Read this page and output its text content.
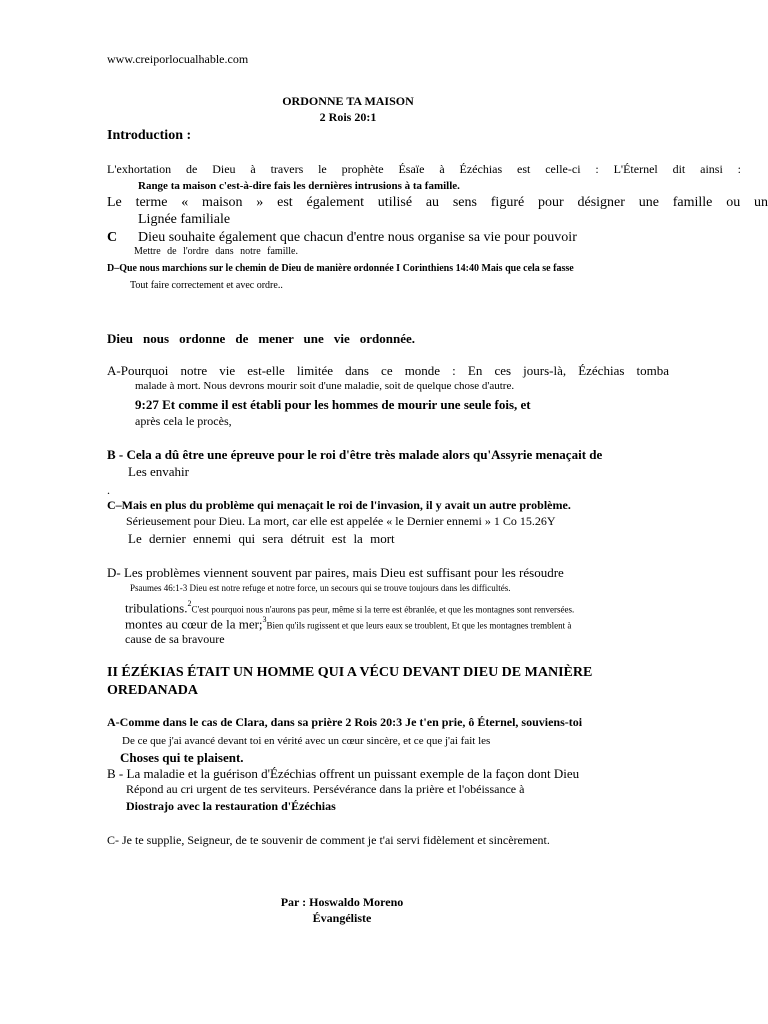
www.creiporlocualhable.com
ORDONNE TA MAISON
2 Rois 20:1
Introduction :
L'exhortation de Dieu à travers le prophète Ésaïe à Ézéchias est celle-ci : L'Éternel dit ainsi :
Range ta maison c'est-à-dire fais les dernières intrusions à ta famille.
Le terme « maison » est également utilisé au sens figuré pour désigner une famille ou un
Lignée familiale
C Dieu souhaite également que chacun d'entre nous organise sa vie pour pouvoir
Mettre de l'ordre dans notre famille.
D–Que nous marchions sur le chemin de Dieu de manière ordonnée I Corinthiens 14:40 Mais que cela se fasse
Tout faire correctement et avec ordre..
Dieu nous ordonne de mener une vie ordonnée.
A-Pourquoi notre vie est-elle limitée dans ce monde : En ces jours-là, Ézéchias tomba
malade à mort. Nous devrons mourir soit d'une maladie, soit de quelque chose d'autre.
9:27 Et comme il est établi pour les hommes de mourir une seule fois, et
après cela le procès,
B - Cela a dû être une épreuve pour le roi d'être très malade alors qu'Assyrie menaçait de
Les envahir
.
C–Mais en plus du problème qui menaçait le roi de l'invasion, il y avait un autre problème.
Sérieusement pour Dieu. La mort, car elle est appelée « le Dernier ennemi » 1 Co 15.26Y
Le dernier ennemi qui sera détruit est la mort
D- Les problèmes viennent souvent par paires, mais Dieu est suffisant pour les résoudre
Psaumes 46:1-3 Dieu est notre refuge et notre force, un secours qui se trouve toujours dans les difficultés.
tribulations.$^2$C'est pourquoi nous n'aurons pas peur, même si la terre est ébranlée, et que les montagnes sont renversées.
montes au cœur de la mer;$^3$Bien qu'ils rugissent et que leurs eaux se troublent, Et que les montagnes tremblent à
cause de sa bravoure
II ÉZÉKIAS ÉTAIT UN HOMME QUI A VÉCU DEVANT DIEU DE MANIÈRE
OREDANADA
A-Comme dans le cas de Clara, dans sa prière 2 Rois 20:3 Je t'en prie, ô Éternel, souviens-toi
De ce que j'ai avancé devant toi en vérité avec un cœur sincère, et ce que j'ai fait les
Choses qui te plaisent.
B - La maladie et la guérison d'Ézéchias offrent un puissant exemple de la façon dont Dieu
Répond au cri urgent de tes serviteurs. Persévérance dans la prière et l'obéissance à
Diostrajo avec la restauration d'Ézéchias
C- Je te supplie, Seigneur, de te souvenir de comment je t'ai servi fidèlement et sincèrement.
Par : Hoswaldo Moreno
Évangéliste
